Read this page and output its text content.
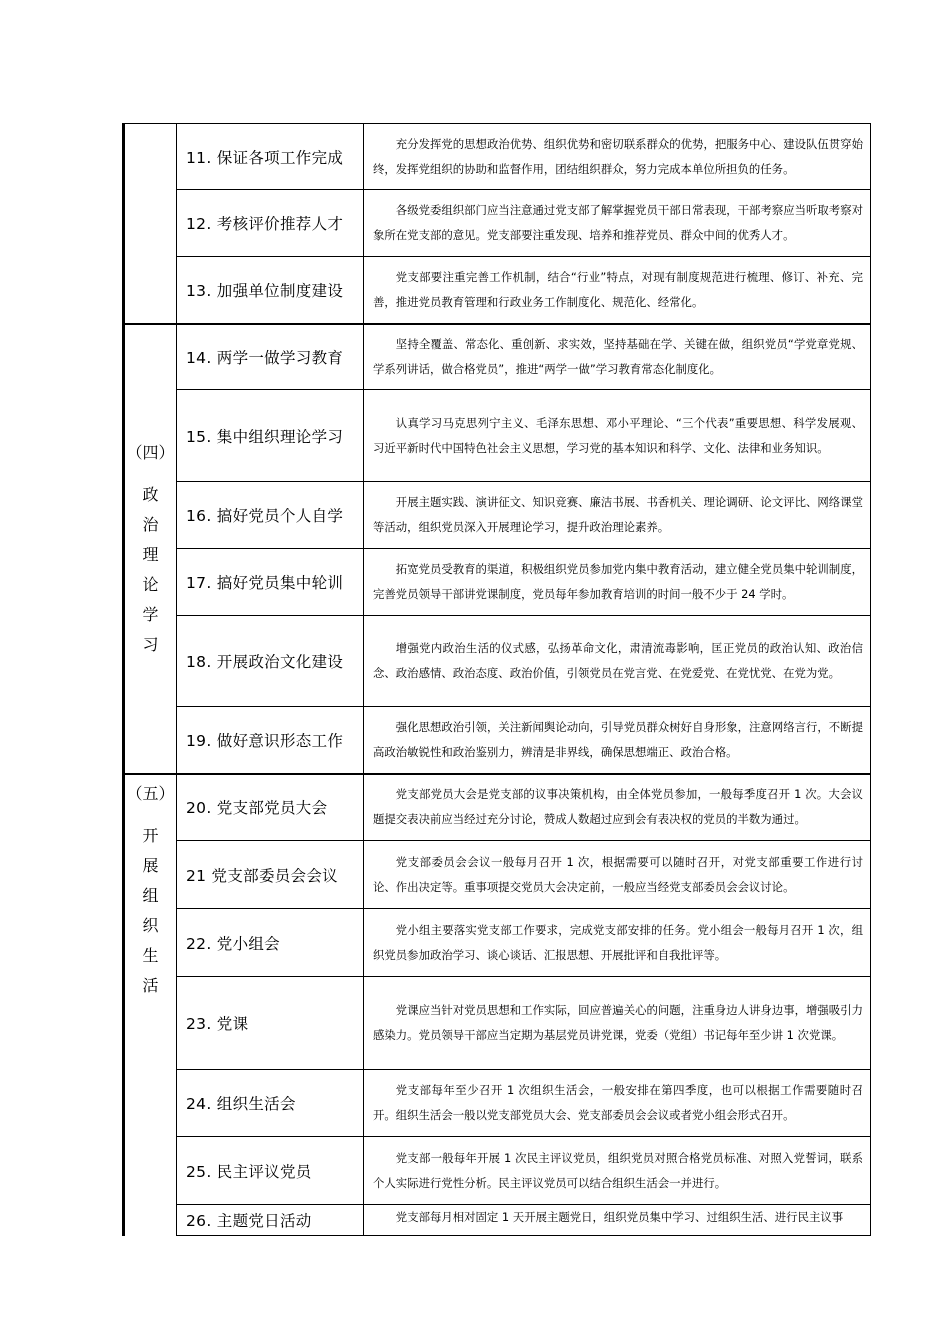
	11. 保证各项工作完成	充分发挥党的思想政治优势、组织优势和密切联系群众的优势，把服务中心、建设队伍贯穿始终，发挥党组织的协助和监督作用，团结组织群众，努力完成本单位所担负的任务。
	12. 考核评价推荐人才	各级党委组织部门应当注意通过党支部了解掌握党员干部日常表现，干部考察应当听取考察对象所在党支部的意见。党支部要注重发现、培养和推荐党员、群众中间的优秀人才。
	13. 加强单位制度建设	党支部要注重完善工作机制，结合“行业”特点，对现有制度规范进行梳理、修订、补充、完善，推进党员教育管理和行政业务工作制度化、规范化、经常化。

（四）
政治理论学习	14. 两学一做学习教育	坚持全覆盖、常态化、重创新、求实效，坚持基础在学、关键在做，组织党员“学党章党规、学系列讲话，做合格党员”，推进“两学一做”学习教育常态化制度化。
	15. 集中组织理论学习	认真学习马克思列宁主义、毛泽东思想、邓小平理论、“三个代表”重要思想、科学发展观、习近平新时代中国特色社会主义思想，学习党的基本知识和科学、文化、法律和业务知识。
	16. 搞好党员个人自学	开展主题实践、演讲征文、知识竞赛、廉洁书展、书香机关、理论调研、论文评比、网络课堂等活动，组织党员深入开展理论学习，提升政治理论素养。
	17. 搞好党员集中轮训	拓宽党员受教育的渠道，积极组织党员参加党内集中教育活动，建立健全党员集中轮训制度，完善党员领导干部讲党课制度，党员每年参加教育培训的时间一般不少于 24 学时。
	18. 开展政治文化建设	增强党内政治生活的仪式感，弘扬革命文化，肃清流毒影响，匡正党员的政治认知、政治信念、政治感情、政治态度、政治价值，引领党员在党言党、在党爱党、在党忧党、在党为党。
	19. 做好意识形态工作	强化思想政治引领，关注新闻舆论动向，引导党员群众树好自身形象，注意网络言行，不断提高政治敏锐性和政治鉴别力，辨清是非界线，确保思想端正、政治合格。

（五）
开展组织生活	20. 党支部党员大会	党支部党员大会是党支部的议事决策机构，由全体党员参加，一般每季度召开 1 次。大会议题提交表决前应当经过充分讨论，赞成人数超过应到会有表决权的党员的半数为通过。
	21 党支部委员会会议	党支部委员会会议一般每月召开 1 次，根据需要可以随时召开，对党支部重要工作进行讨论、作出决定等。重事项提交党员大会决定前，一般应当经党支部委员会会议讨论。
	22. 党小组会	党小组主要落实党支部工作要求，完成党支部安排的任务。党小组会一般每月召开 1 次，组织党员参加政治学习、谈心谈话、汇报思想、开展批评和自我批评等。
	23. 党课	党课应当针对党员思想和工作实际，回应普遍关心的问题，注重身边人讲身边事，增强吸引力感染力。党员领导干部应当定期为基层党员讲党课，党委（党组）书记每年至少讲 1 次党课。
	24. 组织生活会	党支部每年至少召开 1 次组织生活会，一般安排在第四季度，也可以根据工作需要随时召开。组织生活会一般以党支部党员大会、党支部委员会会议或者党小组会形式召开。
	25. 民主评议党员	党支部一般每年开展 1 次民主评议党员，组织党员对照合格党员标准、对照入党誓词，联系个人实际进行党性分析。民主评议党员可以结合组织生活会一并进行。
	26. 主题党日活动	党支部每月相对固定 1 天开展主题党日，组织党员集中学习、过组织生活、进行民主议事
